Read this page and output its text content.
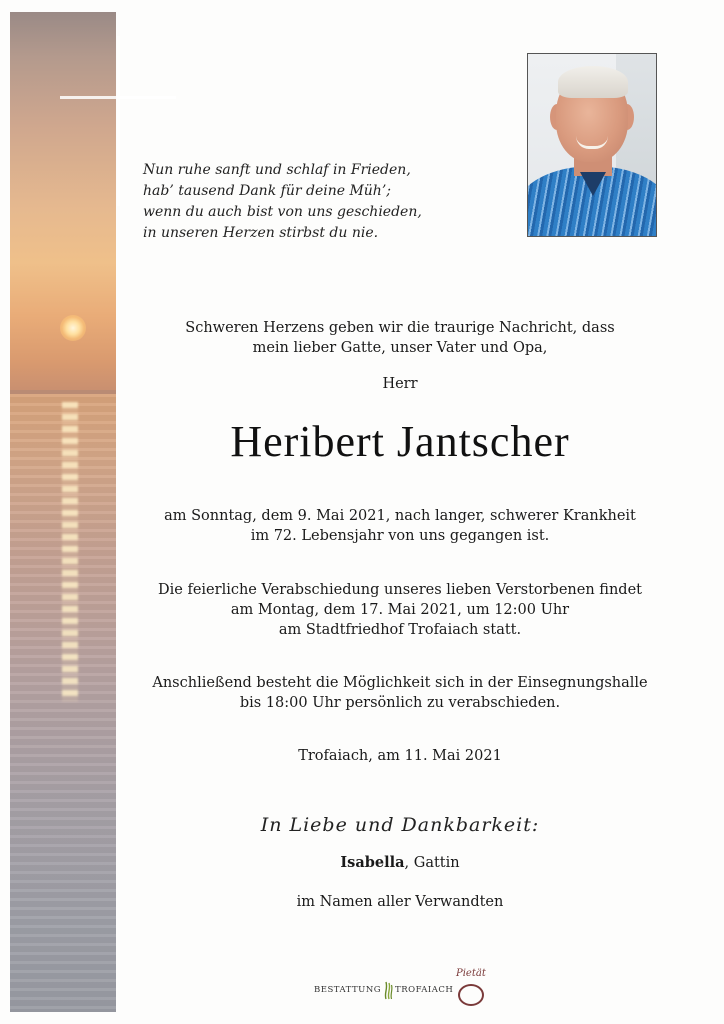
Nun ruhe sanft und schlaf in Frieden,
hab’ tausend Dank für deine Müh’;
wenn du auch bist von uns geschieden,
in unseren Herzen stirbst du nie.
Schweren Herzens geben wir die traurige Nachricht, dass
mein lieber Gatte, unser Vater und Opa,
Herr
Heribert Jantscher
am Sonntag, dem 9. Mai 2021, nach langer, schwerer Krankheit
im 72. Lebensjahr von uns gegangen ist.
Die feierliche Verabschiedung unseres lieben Verstorbenen findet
am Montag, dem 17. Mai 2021, um 12:00 Uhr
am Stadtfriedhof Trofaiach statt.
Anschließend besteht die Möglichkeit sich in der Einsegnungshalle
bis 18:00 Uhr persönlich zu verabschieden.
Trofaiach, am 11. Mai 2021
In Liebe und Dankbarkeit:
Isabella, Gattin
im Namen aller Verwandten
BESTATTUNG TROFAIACH
Pietät
